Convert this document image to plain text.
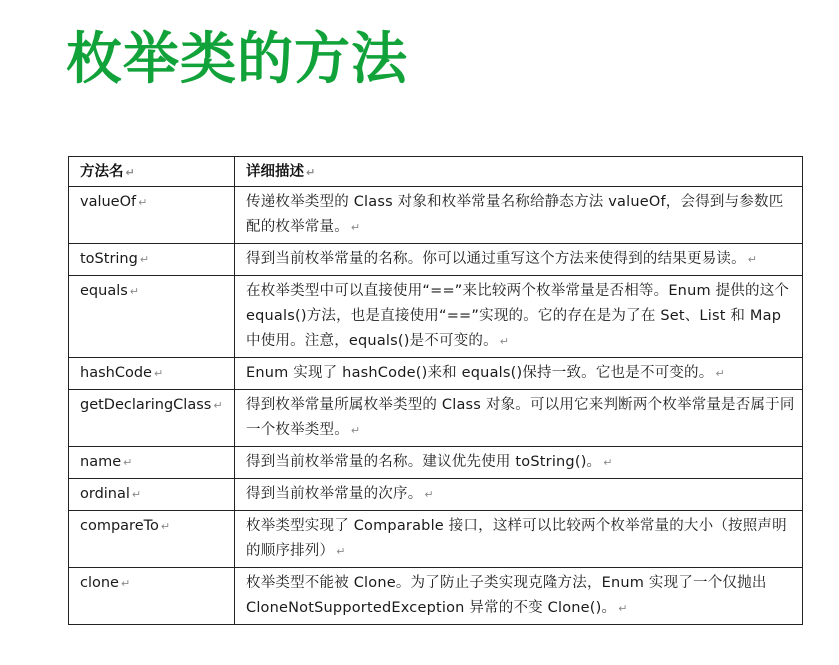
枚举类的方法
方法名 ↵	详细描述 ↵
valueOf ↵	传递枚举类型的 Class 对象和枚举常量名称给静态方法 valueOf，会得到与参数匹配的枚举常量。 ↵
toString ↵	得到当前枚举常量的名称。你可以通过重写这个方法来使得到的结果更易读。 ↵
equals ↵	在枚举类型中可以直接使用“==”来比较两个枚举常量是否相等。Enum 提供的这个 equals()方法，也是直接使用“==”实现的。它的存在是为了在 Set、List 和 Map 中使用。注意，equals()是不可变的。 ↵
hashCode ↵	Enum 实现了 hashCode()来和 equals()保持一致。它也是不可变的。 ↵
getDeclaringClass ↵	得到枚举常量所属枚举类型的 Class 对象。可以用它来判断两个枚举常量是否属于同一个枚举类型。 ↵
name ↵	得到当前枚举常量的名称。建议优先使用 toString()。 ↵
ordinal ↵	得到当前枚举常量的次序。 ↵
compareTo ↵	枚举类型实现了 Comparable 接口，这样可以比较两个枚举常量的大小（按照声明的顺序排列） ↵
clone ↵	枚举类型不能被 Clone。为了防止子类实现克隆方法，Enum 实现了一个仅抛出 CloneNotSupportedException 异常的不变 Clone()。 ↵
